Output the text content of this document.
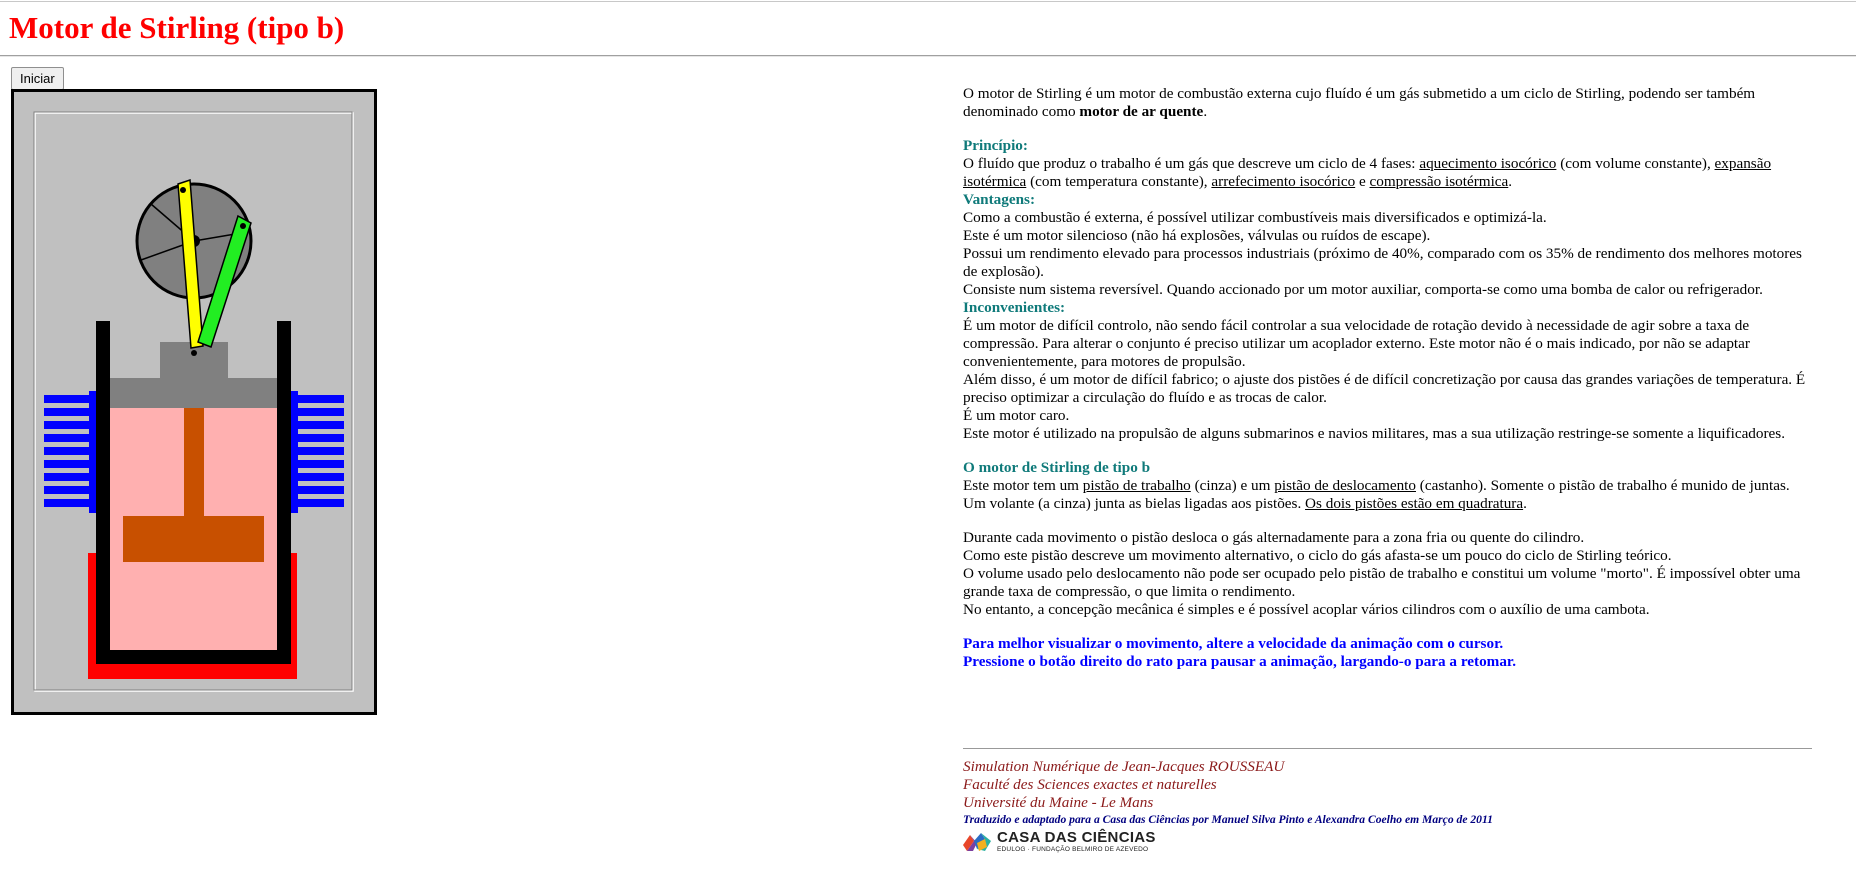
Motor de Stirling (tipo b)
Iniciar

O motor de Stirling é um motor de combustão externa cujo fluído é um gás submetido a um ciclo de Stirling, podendo ser também denominado como motor de ar quente.

Princípio:

O fluído que produz o trabalho é um gás que descreve um ciclo de 4 fases: aquecimento isocórico (com volume constante), expansão isotérmica (com temperatura constante), arrefecimento isocórico e compressão isotérmica.

Vantagens:

Como a combustão é externa, é possível utilizar combustíveis mais diversificados e optimizá-la.

Este é um motor silencioso (não há explosões, válvulas ou ruídos de escape).

Possui um rendimento elevado para processos industriais (próximo de 40%, comparado com os 35% de rendimento dos melhores motores de explosão).

Consiste num sistema reversível. Quando accionado por um motor auxiliar, comporta-se como uma bomba de calor ou refrigerador.

Inconvenientes:

É um motor de difícil controlo, não sendo fácil controlar a sua velocidade de rotação devido à necessidade de agir sobre a taxa de compressão. Para alterar o conjunto é preciso utilizar um acoplador externo. Este motor não é o mais indicado, por não se adaptar convenientemente, para motores de propulsão.

Além disso, é um motor de difícil fabrico; o ajuste dos pistões é de difícil concretização por causa das grandes variações de temperatura. É preciso optimizar a circulação do fluído e as trocas de calor.

É um motor caro.

Este motor é utilizado na propulsão de alguns submarinos e navios militares, mas a sua utilização restringe-se somente a liquificadores.

O motor de Stirling de tipo b

Este motor tem um pistão de trabalho (cinza) e um pistão de deslocamento (castanho). Somente o pistão de trabalho é munido de juntas.

Um volante (a cinza) junta as bielas ligadas aos pistões. Os dois pistões estão em quadratura.

Durante cada movimento o pistão desloca o gás alternadamente para a zona fria ou quente do cilindro.

Como este pistão descreve um movimento alternativo, o ciclo do gás afasta-se um pouco do ciclo de Stirling teórico.

O volume usado pelo deslocamento não pode ser ocupado pelo pistão de trabalho e constitui um volume "morto". É impossível obter uma grande taxa de compressão, o que limita o rendimento.

No entanto, a concepção mecânica é simples e é possível acoplar vários cilindros com o auxílio de uma cambota.

Para melhor visualizar o movimento, altere a velocidade da animação com o cursor.

Pressione o botão direito do rato para pausar a animação, largando-o para a retomar.

Simulation Numérique de Jean-Jacques ROUSSEAU
Faculté des Sciences exactes et naturelles
Université du Maine - Le Mans
Traduzido e adaptado para a Casa das Ciências por Manuel Silva Pinto e Alexandra Coelho em Março de 2011
CASA DAS CIÊNCIAS
EDULOG · FUNDAÇÃO BELMIRO DE AZEVEDO
